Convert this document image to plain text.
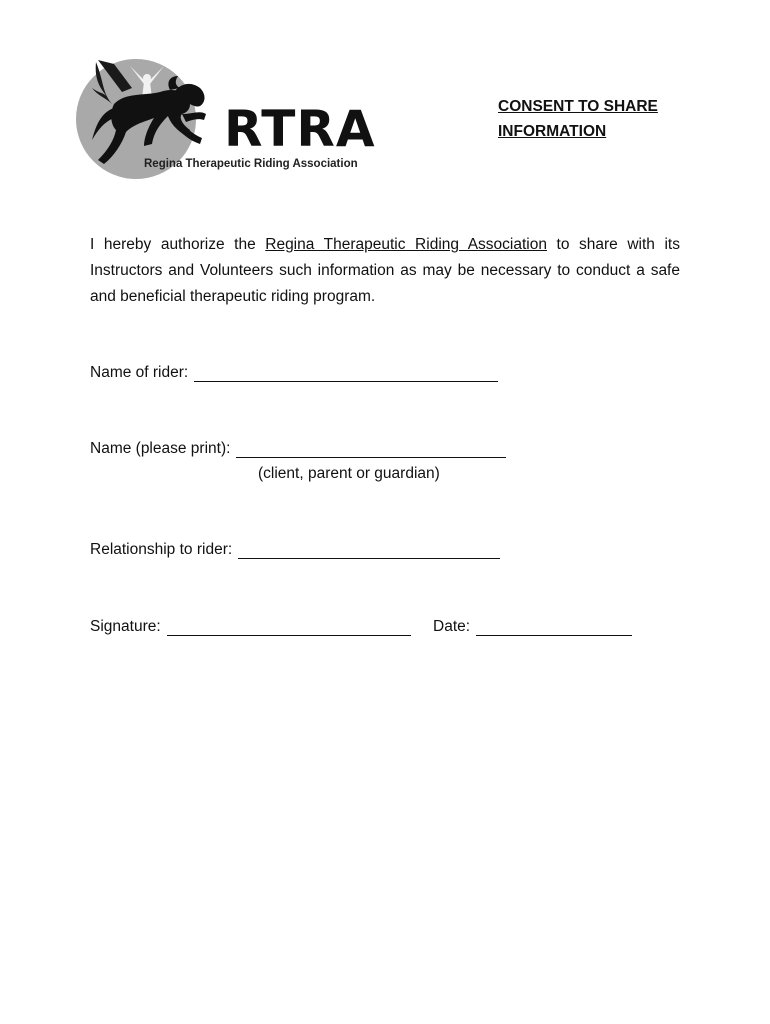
RTRA
Regina Therapeutic Riding Association
CONSENT TO SHARE
INFORMATION
I hereby authorize the Regina Therapeutic Riding Association to share with its Instructors and Volunteers such information as may be necessary to conduct a safe and beneficial therapeutic riding program.
Name of rider:
Name (please print):
(client, parent or guardian)
Relationship to rider:
Signature:	Date:
